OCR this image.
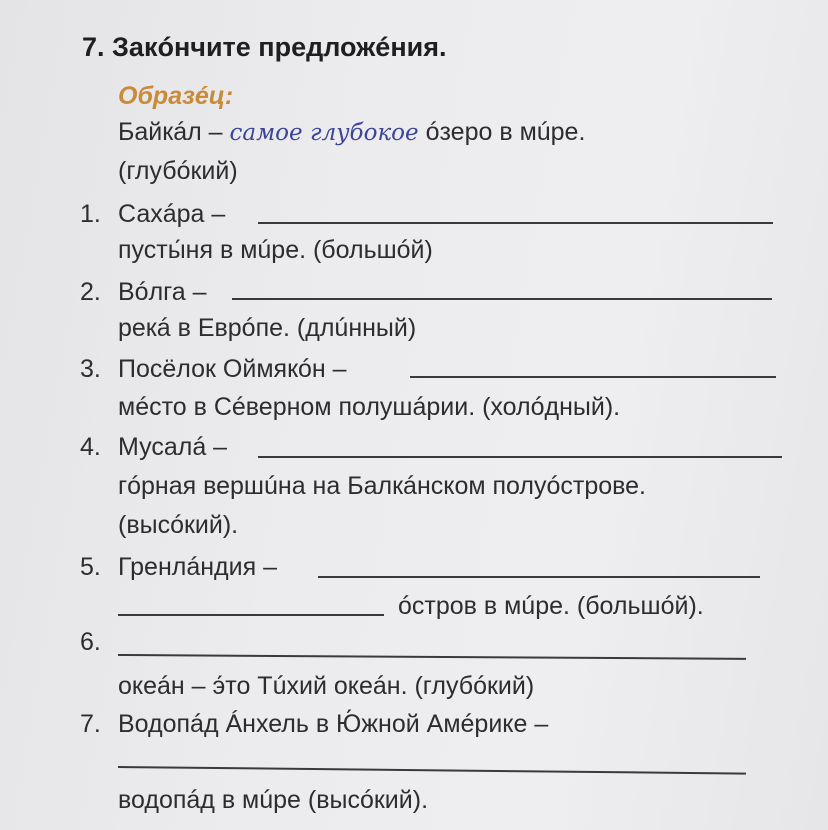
7. Закóнчите предложéния.
Образéц:
Байкáл – самое глубокое óзеро в мúре.
(глубóкий)
1. Сахáра –
пусты́ня в мúре. (большóй)
2. Вóлга –
рекá в Еврóпе. (длúнный)
3. Посёлок Оймякóн –
мéсто в Сéверном полушáрии. (холóдный).
4. Мусалá –
гóрная вершúна на Балкáнском полуóстрове.
(высóкий).
5. Гренлáндия –
óстров в мúре. (большóй).
6.
океáн – э́то Тúхий океáн. (глубóкий)
7. Водопáд Áнхель в Ю́жной Амéрике –
водопáд в мúре (высóкий).
